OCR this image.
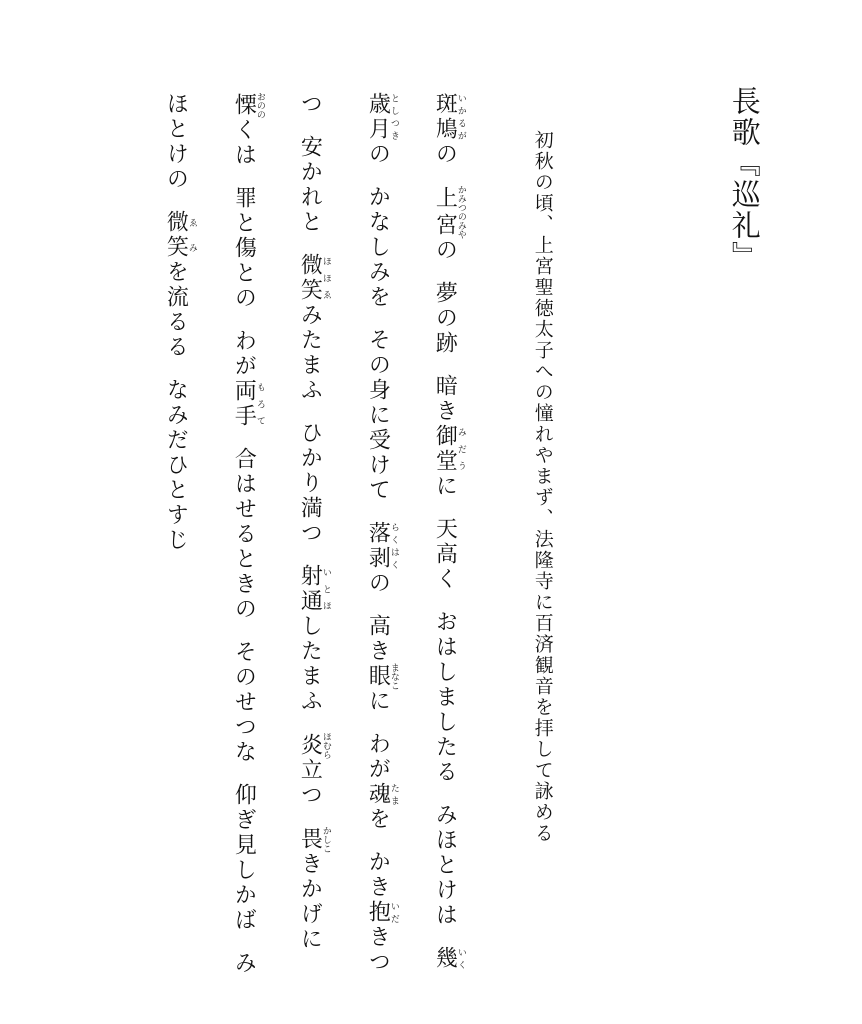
長歌『巡礼』
初秋の頃、上宮聖徳太子への憧れやまず、法隆寺に百済観音を拝して詠める
斑鳩いかるがの上宮かみつのみやの夢の跡暗き御堂みだうに天高くおはしましたるみほとけは幾いく
歳月としつきのかなしみをその身に受けて落剥らくはくの高き眼まなこにわが魂たまをかき抱いだきつ
つ安かれと微笑ほほゑみたまふひかり満つ射通いとほしたまふ炎ほむら立つ畏かしこきかげに
慄おののくは罪と傷とのわが両手もろて合はせるときのそのせつな仰ぎ見しかばみ
ほとけの微笑ゑみを流るるなみだひとすじ
